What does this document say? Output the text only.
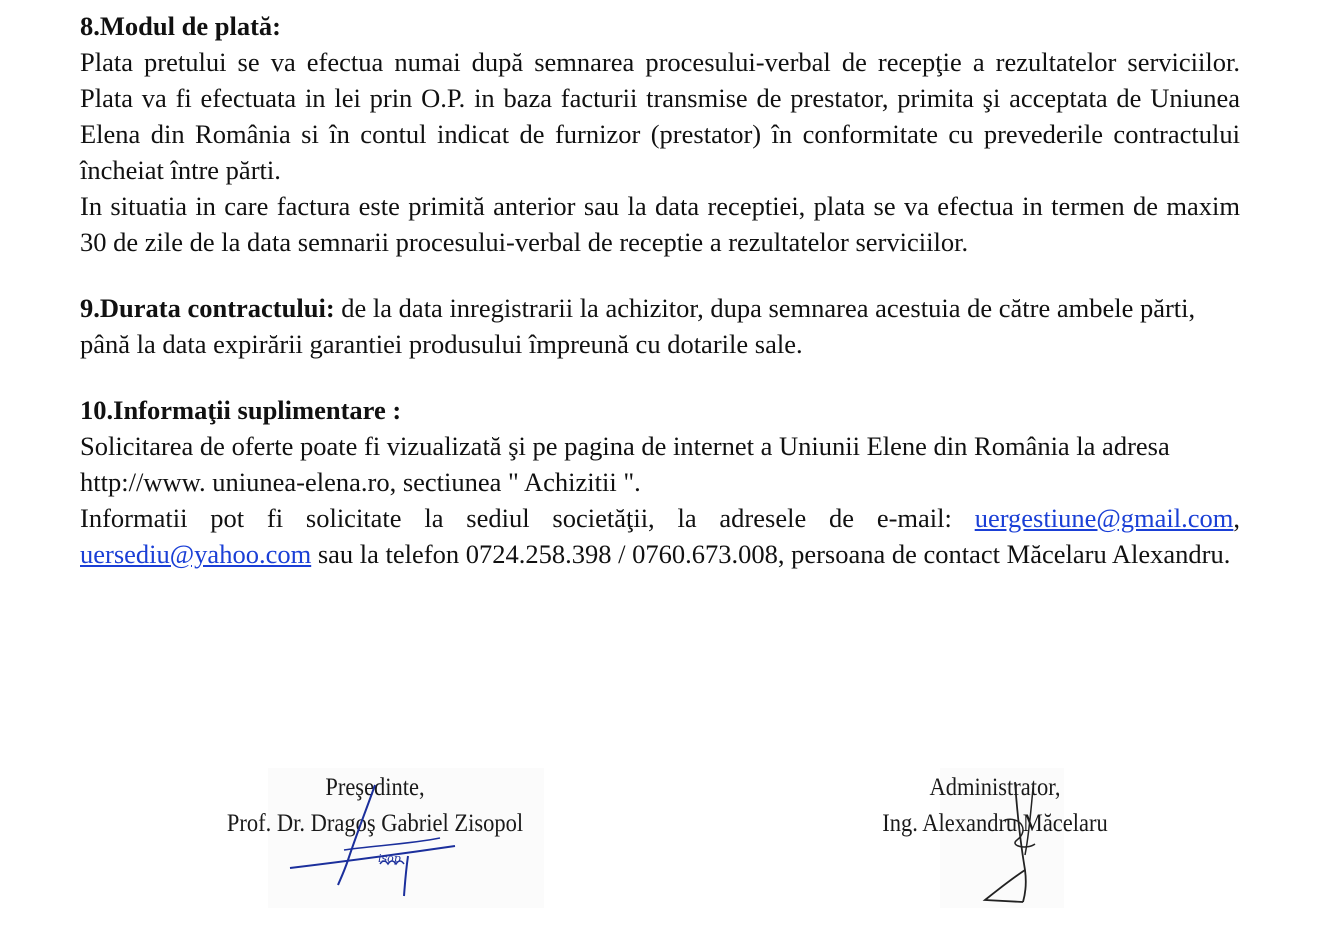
8.Modul de plată:

Plata pretului se va efectua numai după semnarea procesului-verbal de recepţie a rezultatelor serviciilor. Plata va fi efectuata in lei prin O.P. in baza facturii transmise de prestator, primita şi acceptata de Uniunea Elena din România si în contul indicat de furnizor (prestator) în conformitate cu prevederile contractului încheiat între părti.

In situatia in care factura este primită anterior sau la data receptiei, plata se va efectua in termen de maxim 30 de zile de la data semnarii procesului-verbal de receptie a rezultatelor serviciilor.

9.Durata contractului: de la data inregistrarii la achizitor, dupa semnarea acestuia de către ambele părti, până la data expirării garantiei produsului împreună cu dotarile sale.

10.Informaţii suplimentare :

Solicitarea de oferte poate fi vizualizată şi pe pagina de internet a Uniunii Elene din România la adresa http://www. uniunea-elena.ro, sectiunea " Achizitii ".

Informatii pot fi solicitate la sediul societăţii, la adresele de e-mail: uergestiune@gmail.com, uersediu@yahoo.com sau la telefon 0724.258.398 / 0760.673.008, persoana de contact Măcelaru Alexandru.

Preşedinte,
Prof. Dr. Dragoş Gabriel Zisopol
Administrator,
Ing. Alexandru Măcelaru
isop
